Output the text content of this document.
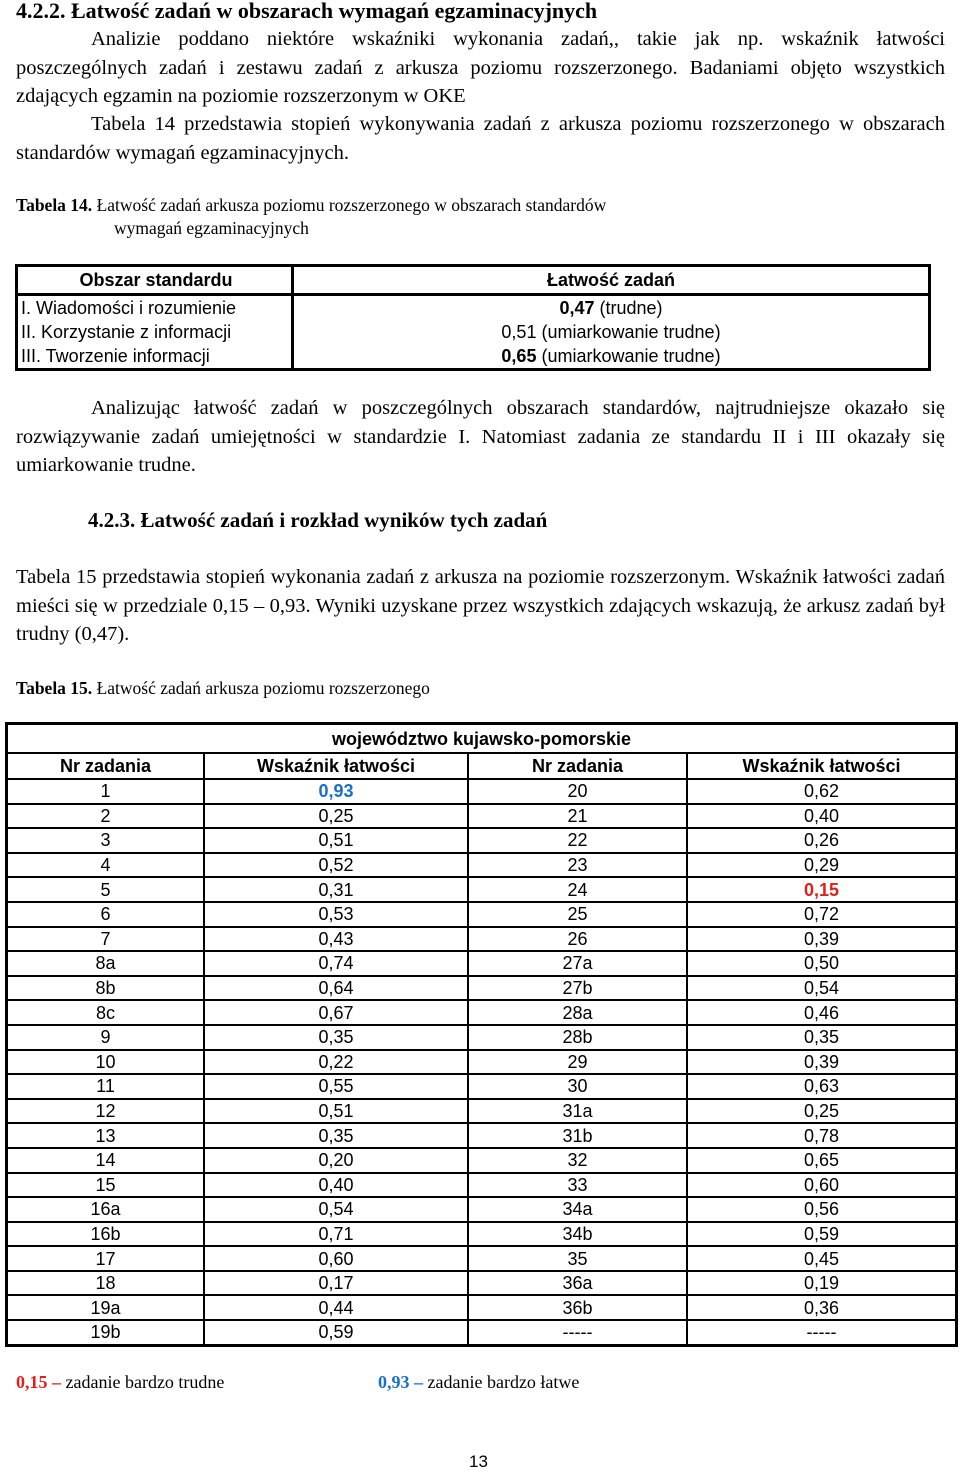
4.2.2. Łatwość zadań w obszarach wymagań egzaminacyjnych
Analizie poddano niektóre wskaźniki wykonania zadań,, takie jak np. wskaźnik łatwości poszczególnych zadań i zestawu zadań z arkusza poziomu rozszerzonego. Badaniami objęto wszystkich zdających egzamin na poziomie rozszerzonym w OKE
Tabela 14 przedstawia stopień wykonywania zadań z arkusza poziomu rozszerzonego w obszarach standardów wymagań egzaminacyjnych.
Tabela 14. Łatwość zadań arkusza poziomu rozszerzonego w obszarach standardów
wymagań egzaminacyjnych
Obszar standardu	Łatwość zadań
I. Wiadomości i rozumienie	0,47 (trudne)
II. Korzystanie z informacji	0,51 (umiarkowanie trudne)
III. Tworzenie informacji	0,65 (umiarkowanie trudne)
Analizując łatwość zadań w poszczególnych obszarach standardów, najtrudniejsze okazało się rozwiązywanie zadań umiejętności w standardzie I. Natomiast zadania ze standardu II i III okazały się umiarkowanie trudne.
4.2.3. Łatwość zadań i rozkład wyników tych zadań
Tabela 15 przedstawia stopień wykonania zadań z arkusza na poziomie rozszerzonym. Wskaźnik łatwości zadań mieści się w przedziale 0,15 – 0,93. Wyniki uzyskane przez wszystkich zdających wskazują, że arkusz zadań był trudny (0,47).
Tabela 15. Łatwość zadań arkusza poziomu rozszerzonego
województwo kujawsko-pomorskie			
Nr zadania	Wskaźnik łatwości	Nr zadania	Wskaźnik łatwości
1	0,93	20	0,62
2	0,25	21	0,40
3	0,51	22	0,26
4	0,52	23	0,29
5	0,31	24	0,15
6	0,53	25	0,72
7	0,43	26	0,39
8a	0,74	27a	0,50
8b	0,64	27b	0,54
8c	0,67	28a	0,46
9	0,35	28b	0,35
10	0,22	29	0,39
11	0,55	30	0,63
12	0,51	31a	0,25
13	0,35	31b	0,78
14	0,20	32	0,65
15	0,40	33	0,60
16a	0,54	34a	0,56
16b	0,71	34b	0,59
17	0,60	35	0,45
18	0,17	36a	0,19
19a	0,44	36b	0,36
19b	0,59	-----	-----
0,15 – zadanie bardzo trudne	0,93 – zadanie bardzo łatwe
13
